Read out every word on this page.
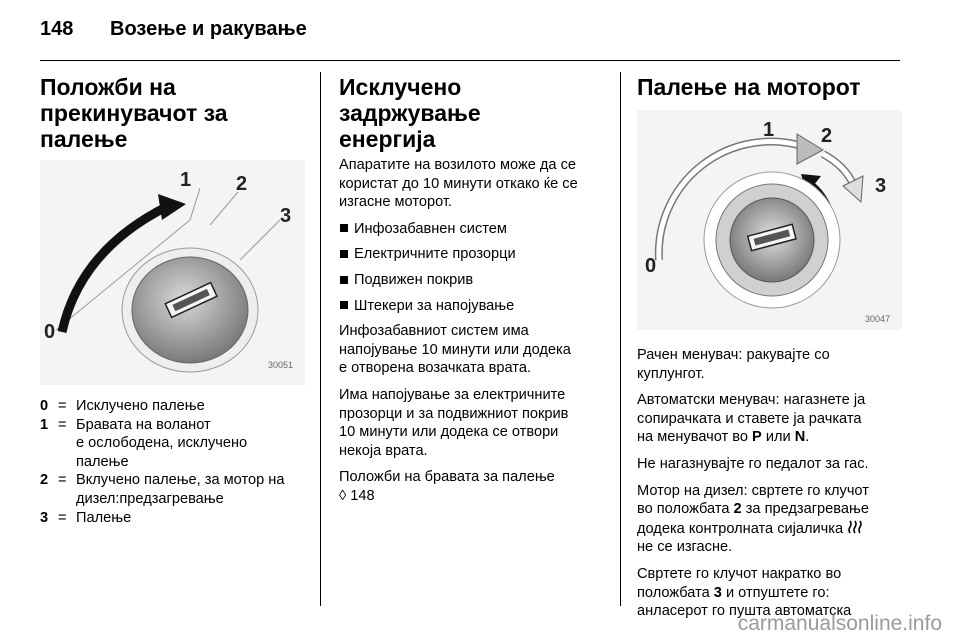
148 Возење и ракување
Положби на
прекинувачот за палење
0
1 2
3
30051
0 = Исклучено палење
1 = Бравата на воланот
е ослободена, исклучено
палење
2 = Вклучено палење, за мотор на
дизел:предзагревање
3 = Палење
Исклучено задржување
енергија
Апаратите на возилото може да се
користат до 10 минути откако ќе се
изгасне моторот.
Инфозабавнен систем
Електричните прозорци
Подвижен покрив
Штекери за напојување
Инфозабавниот систем има
напојување 10 минути или додека
е отворена возачката врата.
Има напојување за електричните
прозорци и за подвижниот покрив
10 минути или додека се отвори
некоја врата.
Положби на бравата за палење
◊ 148
Палење на моторот
0
1 2
3
30047
Рачен менувач: ракувајте со
куплунгот.
Автоматски менувач: нагазнете ја
сопирачката и ставете ја рачката
на менувачот во P или N.
Не нагазнувајте го педалот за гас.
Мотор на дизел: свртете го клучот
во положбата 2 за предзагревање
додека контролната сијаличка
не се изгасне.
Свртете го клучот накратко во
положбата 3 и отпуштете го:
анласерот го пушта автоматска
carmanualsonline.info
